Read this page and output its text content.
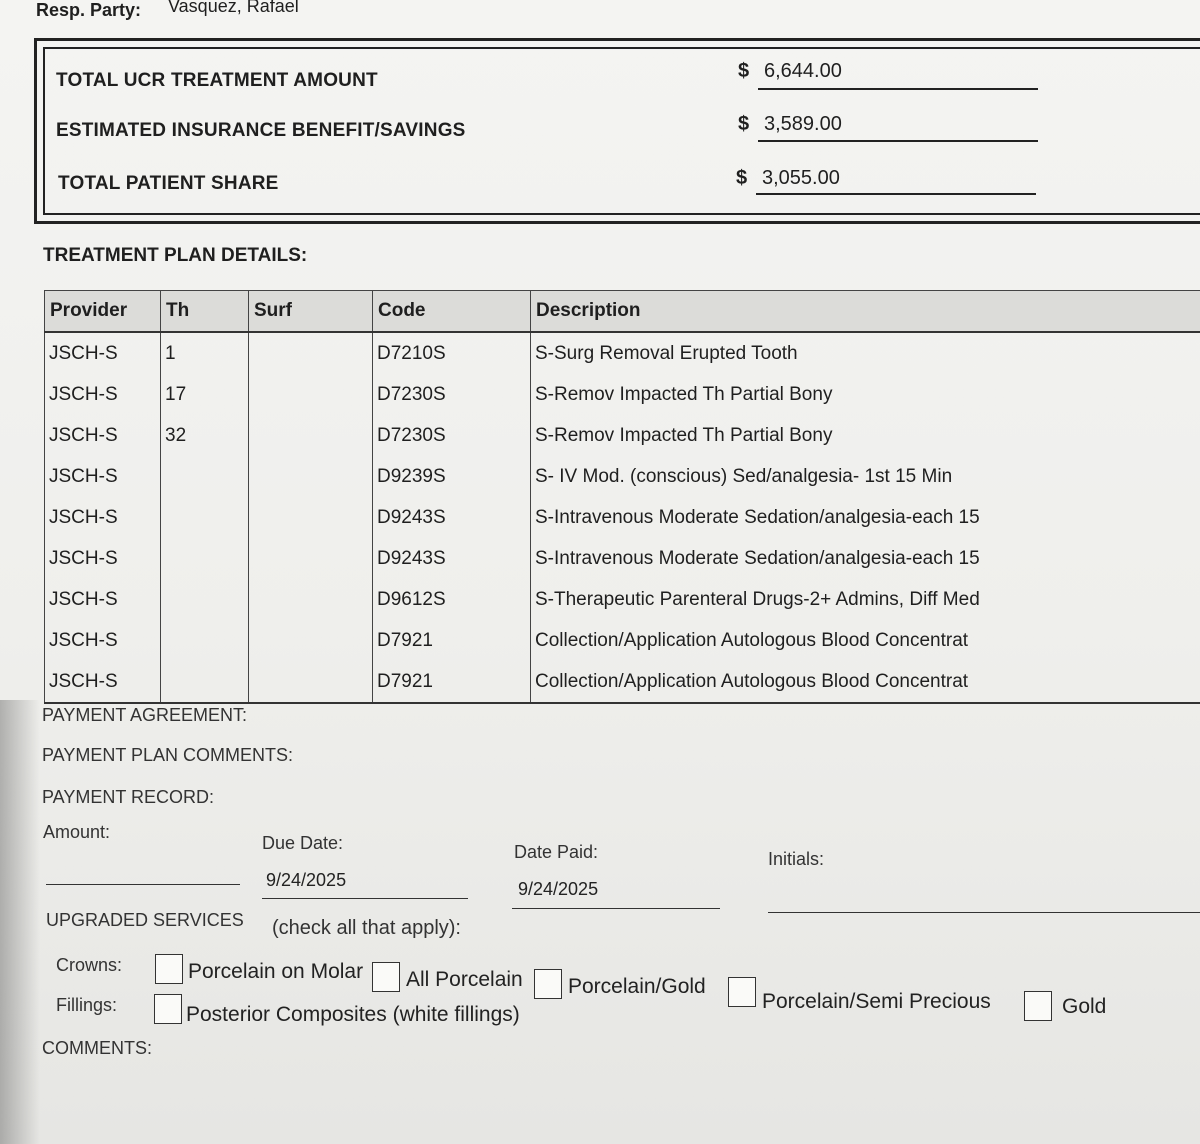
Resp. Party: Vasquez, Rafael
TOTAL UCR TREATMENT AMOUNT	$ 6,644.00
ESTIMATED INSURANCE BENEFIT/SAVINGS	$ 3,589.00
TOTAL PATIENT SHARE	$ 3,055.00
TREATMENT PLAN DETAILS:
Provider	Th	Surf	Code	Description
JSCH-S	1		D7210S	S-Surg Removal Erupted Tooth
JSCH-S	17		D7230S	S-Remov Impacted Th Partial Bony
JSCH-S	32		D7230S	S-Remov Impacted Th Partial Bony
JSCH-S			D9239S	S- IV Mod. (conscious) Sed/analgesia- 1st 15 Min
JSCH-S			D9243S	S-Intravenous Moderate Sedation/analgesia-each 15
JSCH-S			D9243S	S-Intravenous Moderate Sedation/analgesia-each 15
JSCH-S			D9612S	S-Therapeutic Parenteral Drugs-2+ Admins, Diff Med
JSCH-S			D7921	Collection/Application Autologous Blood Concentrat
JSCH-S			D7921	Collection/Application Autologous Blood Concentrat
PAYMENT AGREEMENT:
PAYMENT PLAN COMMENTS:
PAYMENT RECORD:
Amount:
Due Date:
9/24/2025
Date Paid:
9/24/2025
Initials:
UPGRADED SERVICES (check all that apply):
Crowns:	Porcelain on Molar All Porcelain Porcelain/Gold
Porcelain/Semi Precious	Gold
Fillings:	Posterior Composites (white fillings)
COMMENTS:
